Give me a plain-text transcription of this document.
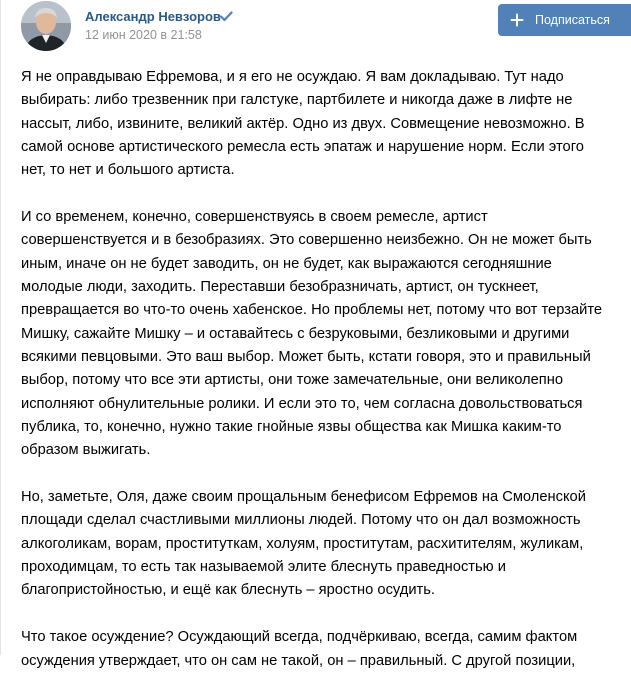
Александр Невзоров
12 июн 2020 в 21:58
Подписаться
Я не оправдываю Ефремова, и я его не осуждаю. Я вам докладываю. Тут надо
выбирать: либо трезвенник при галстуке, партбилете и никогда даже в лифте не
нассыт, либо, извините, великий актёр. Одно из двух. Совмещение невозможно. В
самой основе артистического ремесла есть эпатаж и нарушение норм. Если этого
нет, то нет и большого артиста.
И со временем, конечно, совершенствуясь в своем ремесле, артист
совершенствуется и в безобразиях. Это совершенно неизбежно. Он не может быть
иным, иначе он не будет заводить, он не будет, как выражаются сегодняшние
молодые люди, заходить. Переставши безобразничать, артист, он тускнеет,
превращается во что-то очень хабенское. Но проблемы нет, потому что вот терзайте
Мишку, сажайте Мишку – и оставайтесь с безруковыми, безликовыми и другими
всякими певцовыми. Это ваш выбор. Может быть, кстати говоря, это и правильный
выбор, потому что все эти артисты, они тоже замечательные, они великолепно
исполняют обнулительные ролики. И если это то, чем согласна довольствоваться
публика, то, конечно, нужно такие гнойные язвы общества как Мишка каким-то
образом выжигать.
Но, заметьте, Оля, даже своим прощальным бенефисом Ефремов на Смоленской
площади сделал счастливыми миллионы людей. Потому что он дал возможность
алкоголикам, ворам, проституткам, холуям, проститутам, расхитителям, жуликам,
проходимцам, то есть так называемой элите блеснуть праведностью и
благопристойностью, и ещё как блеснуть – яростно осудить.
Что такое осуждение? Осуждающий всегда, подчёркиваю, всегда, самим фактом
осуждения утверждает, что он сам не такой, он – правильный. С другой позиции,
